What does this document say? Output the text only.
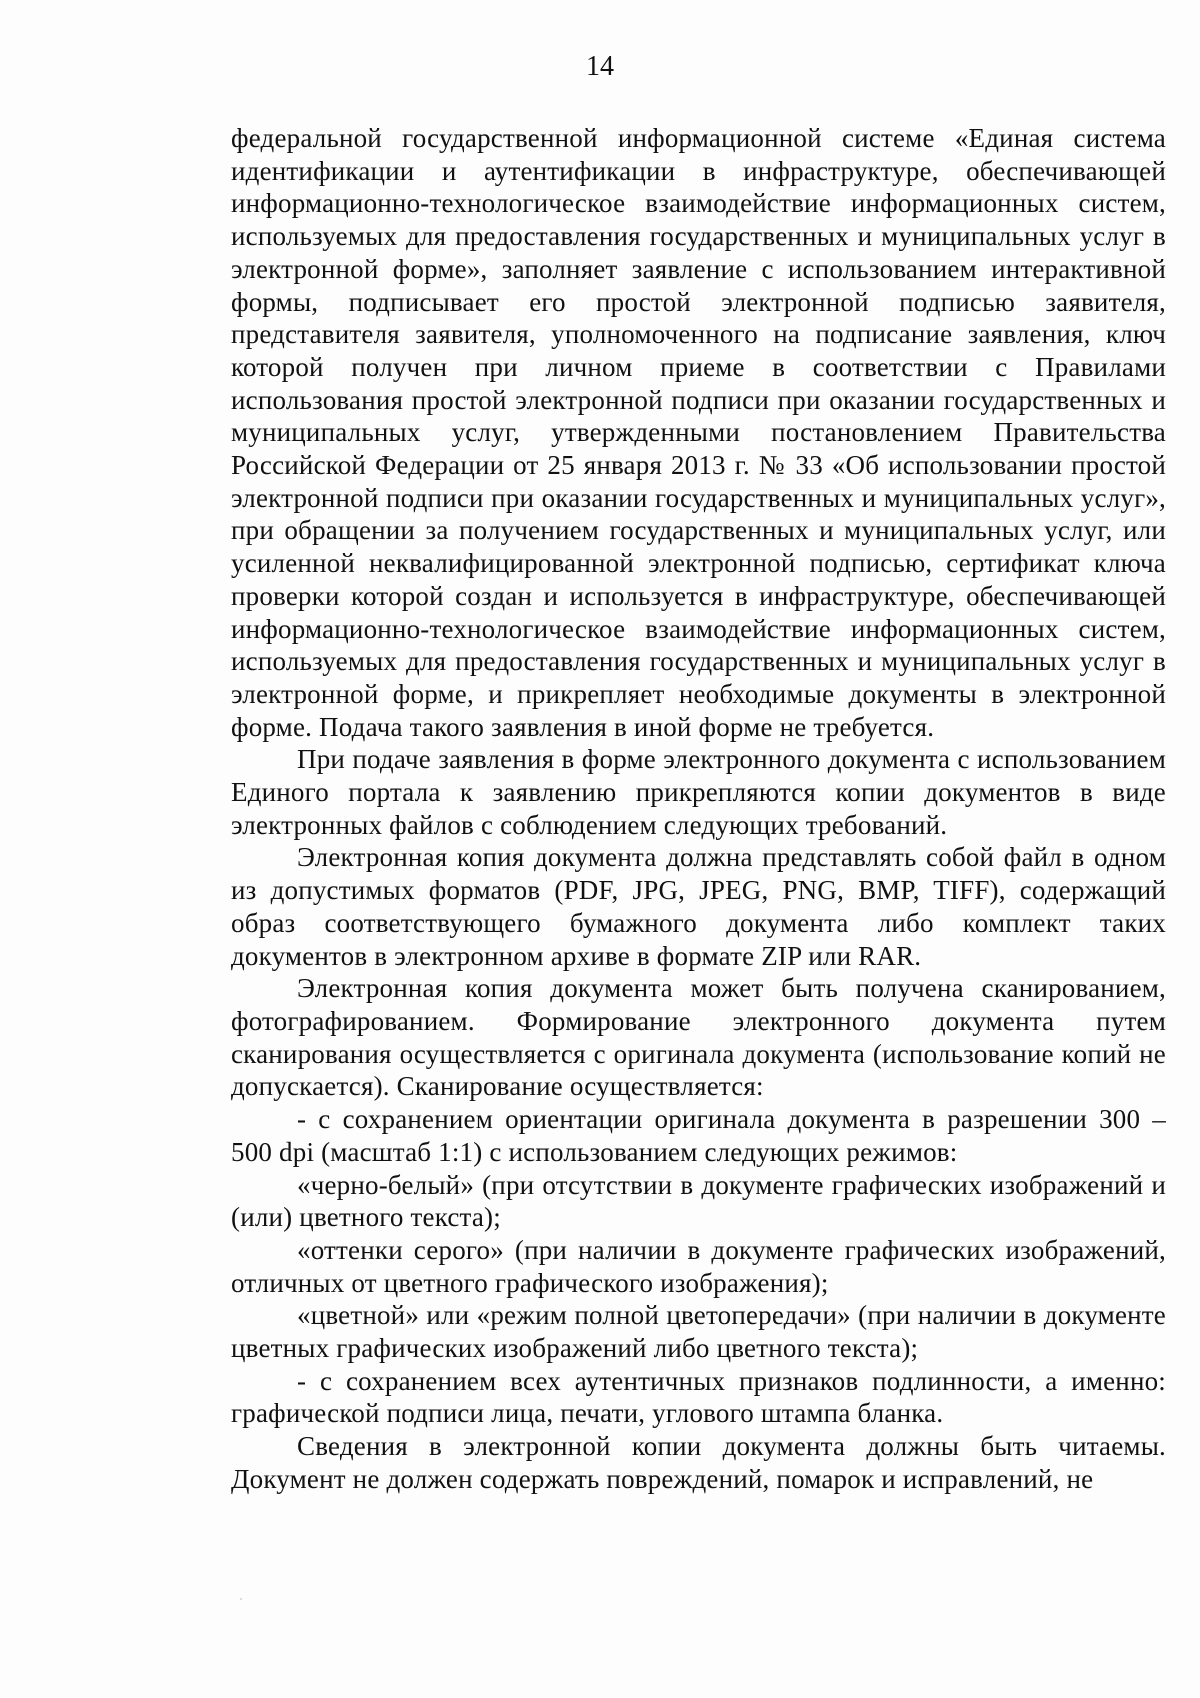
14

федеральной государственной информационной системе «Единая система идентификации и аутентификации в инфраструктуре, обеспечивающей информационно-технологическое взаимодействие информационных систем, используемых для предоставления государственных и муниципальных услуг в электронной форме», заполняет заявление с использованием интерактивной формы, подписывает его простой электронной подписью заявителя, представителя заявителя, уполномоченного на подписание заявления, ключ которой получен при личном приеме в соответствии с Правилами использования простой электронной подписи при оказании государственных и муниципальных услуг, утвержденными постановлением Правительства Российской Федерации от 25 января 2013 г. № 33 «Об использовании простой электронной подписи при оказании государственных и муниципальных услуг», при обращении за получением государственных и муниципальных услуг, или усиленной неквалифицированной электронной подписью, сертификат ключа проверки которой создан и используется в инфраструктуре, обеспечивающей информационно-технологическое взаимодействие информационных систем, используемых для предоставления государственных и муниципальных услуг в электронной форме, и прикрепляет необходимые документы в электронной форме. Подача такого заявления в иной форме не требуется.

При подаче заявления в форме электронного документа с использованием Единого портала к заявлению прикрепляются копии документов в виде электронных файлов с соблюдением следующих требований.

Электронная копия документа должна представлять собой файл в одном из допустимых форматов (PDF, JPG, JPEG, PNG, BMP, TIFF), содержащий образ соответствующего бумажного документа либо комплект таких документов в электронном архиве в формате ZIP или RAR.

Электронная копия документа может быть получена сканированием, фотографированием. Формирование электронного документа путем сканирования осуществляется с оригинала документа (использование копий не допускается). Сканирование осуществляется:

- с сохранением ориентации оригинала документа в разрешении 300 – 500 dpi (масштаб 1:1) с использованием следующих режимов:

«черно-белый» (при отсутствии в документе графических изображений и (или) цветного текста);

«оттенки серого» (при наличии в документе графических изображений, отличных от цветного графического изображения);

«цветной» или «режим полной цветопередачи» (при наличии в документе цветных графических изображений либо цветного текста);

- с сохранением всех аутентичных признаков подлинности, а именно: графической подписи лица, печати, углового штампа бланка.

Сведения в электронной копии документа должны быть читаемы. Документ не должен содержать повреждений, помарок и исправлений, не
